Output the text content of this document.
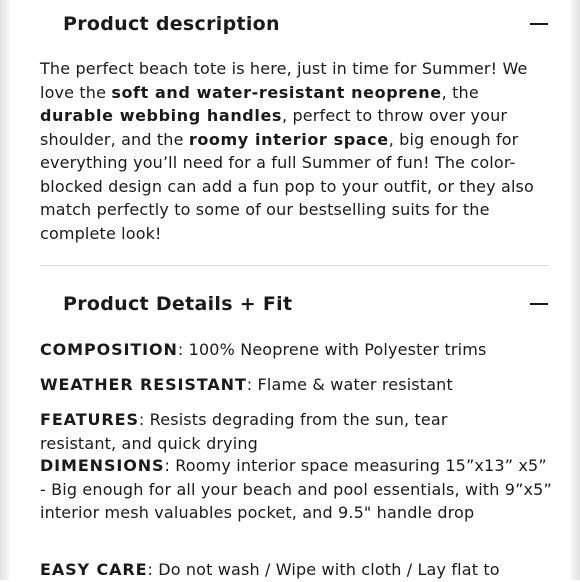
Product description
The perfect beach tote is here, just in time for Summer! We love the soft and water-resistant neoprene, the durable webbing handles, perfect to throw over your shoulder, and the roomy interior space, big enough for everything you’ll need for a full Summer of fun! The color-blocked design can add a fun pop to your outfit, or they also match perfectly to some of our bestselling suits for the complete look!
Product Details + Fit
COMPOSITION: 100% Neoprene with Polyester trims
WEATHER RESISTANT: Flame & water resistant
FEATURES: Resists degrading from the sun, tear resistant, and quick drying
DIMENSIONS: Roomy interior space measuring 15”x13” x5” - Big enough for all your beach and pool essentials, with 9”x5” interior mesh valuables pocket, and 9.5" handle drop
EASY CARE: Do not wash / Wipe with cloth / Lay flat to
